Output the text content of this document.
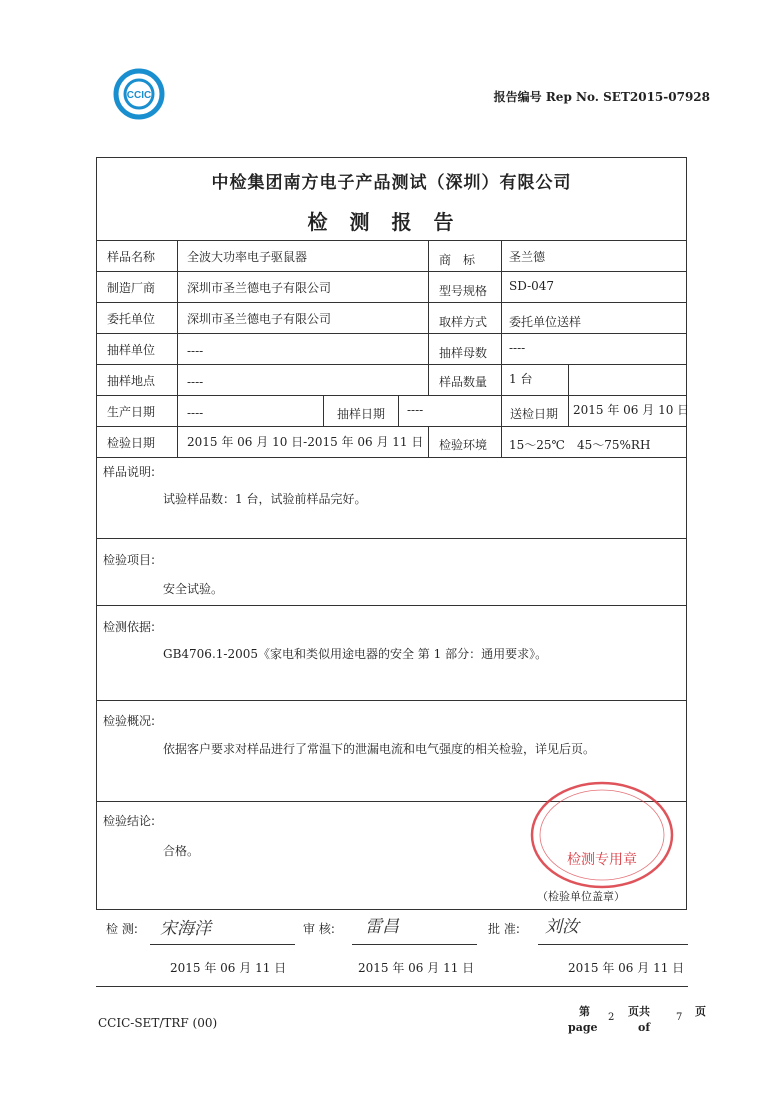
CCIC	报告编号 Rep No. SET2015-07928
中检集团南方电子产品测试（深圳）有限公司
检测报告
样品名称	全波大功率电子驱鼠器	商　标	圣兰德
制造厂商	深圳市圣兰德电子有限公司	型号规格 SD-047
委托单位	深圳市圣兰德电子有限公司	取样方式 委托单位送样
抽样单位	----	抽样母数 ----
抽样地点	----	样品数量 1 台
生产日期	----	抽样日期 ----	送检日期 2015 年 06 月 10 日
检验日期	2015 年 06 月 10 日-2015 年 06 月 11 日 检验环境 15～25℃　45～75%RH
样品说明:
试验样品数：1 台，试验前样品完好。
检验项目:
安全试验。
检测依据:
GB4706.1-2005《家电和类似用途电器的安全 第 1 部分：通用要求》。
检验概况:
依据客户要求对样品进行了常温下的泄漏电流和电气强度的相关检验，详见后页。
检验结论:
合格。
检测专用章
（检验单位盖章）
检 测: 宋海洋	审 核: 雷昌	批 准: 刘汝
2015 年 06 月 11 日	2015 年 06 月 11 日	2015 年 06 月 11 日
CCIC-SET/TRF (00)
第
page
2 页共
of
7 页
